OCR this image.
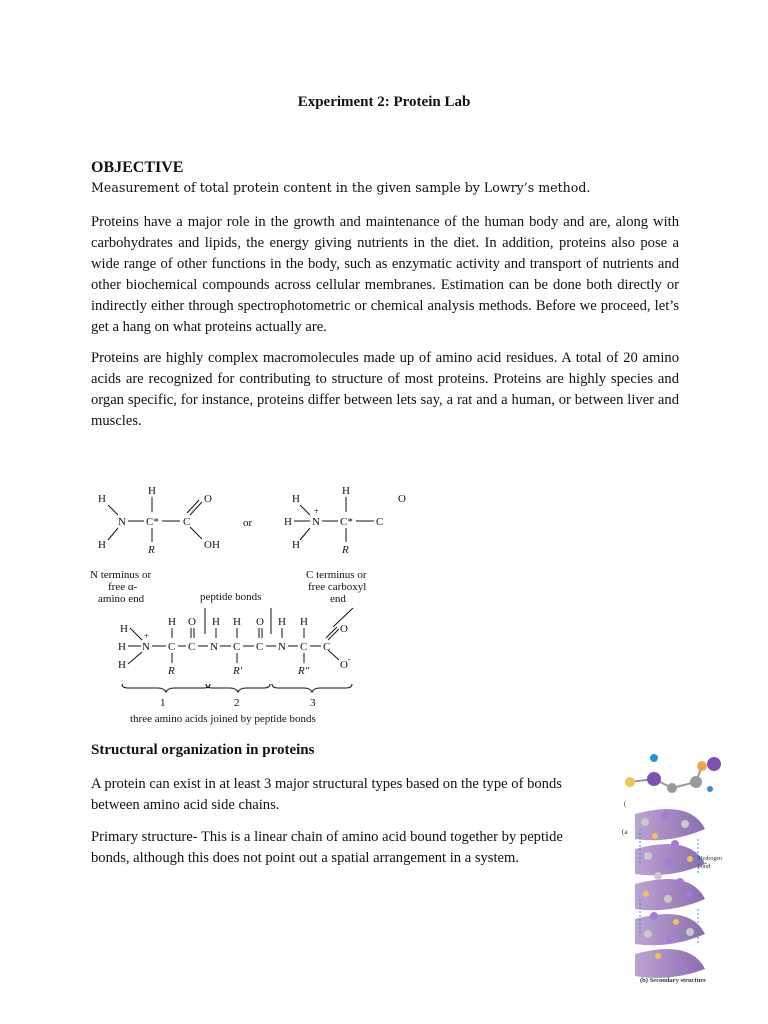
Experiment 2: Protein Lab
OBJECTIVE
Measurement of total protein content in the given sample by Lowry’s method.
Proteins have a major role in the growth and maintenance of the human body and are, along with carbohydrates and lipids, the energy giving nutrients in the diet. In addition, proteins also pose a wide range of other functions in the body, such as enzymatic activity and transport of nutrients and other biochemical compounds across cellular membranes. Estimation can be done both directly or indirectly either through spectrophotometric or chemical analysis methods. Before we proceed, let’s get a hang on what proteins actually are.
Proteins are highly complex macromolecules made up of amino acid residues. A total of 20 amino acids are recognized for contributing to structure of most proteins. Proteins are highly species and organ specific, for instance, proteins differ between lets say, a rat and a human, or between liver and muscles.
H
H
O
N C* C
H	R	OH
or
H
H
O
H N
+
C* C
H	R
N terminus or
free α-
amino end	peptide bonds
C terminus or
free carboxyl
end
H
H
H
N
+
H
C
R
O
C
H
N
H
C
R′
O
C
H
N
H
C
R″
C
O
O -
1	2	3
three amino acids joined by peptide bonds
Structural organization in proteins
A protein can exist in at least 3 major structural types based on the type of bonds between amino acid side chains.
Primary structure- This is a linear chain of amino acid bound together by peptide bonds, although this does not point out a spatial arrangement in a system.
(
(a
Hydrogen
bond
(b) Secondary structure
